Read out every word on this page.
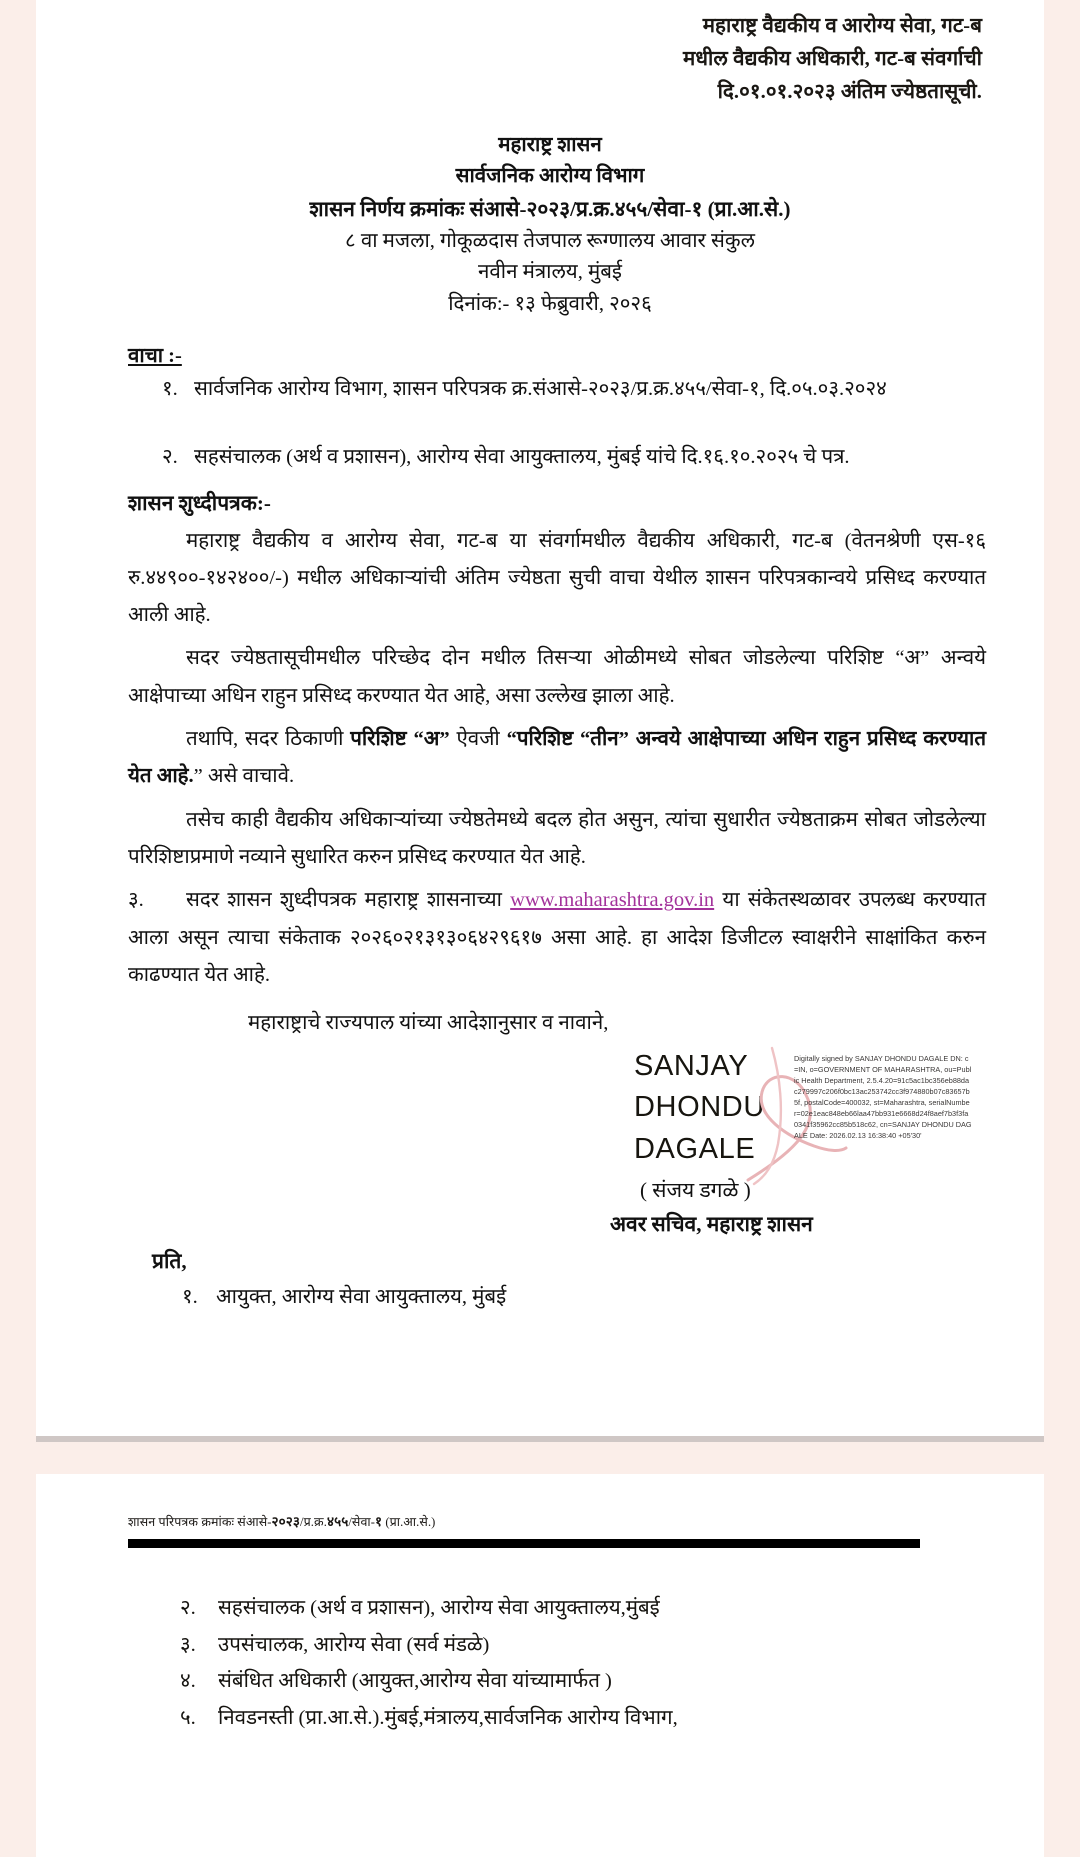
महाराष्ट्र वैद्यकीय व आरोग्य सेवा, गट-ब
मधील वैद्यकीय अधिकारी, गट-ब संवर्गाची
दि.०१.०१.२०२३ अंतिम ज्येष्ठतासूची.
महाराष्ट्र शासन
सार्वजनिक आरोग्य विभाग
शासन निर्णय क्रमांकः संआसे-२०२३/प्र.क्र.४५५/सेवा-१ (प्रा.आ.से.)
८ वा मजला, गोकूळदास तेजपाल रूग्णालय आवार संकुल
नवीन मंत्रालय, मुंबई
दिनांक:- १३ फेब्रुवारी, २०२६
वाचा :-
१. सार्वजनिक आरोग्य विभाग, शासन परिपत्रक क्र.संआसे-२०२३/प्र.क्र.४५५/सेवा-१, दि.०५.०३.२०२४
२. सहसंचालक (अर्थ व प्रशासन), आरोग्य सेवा आयुक्तालय, मुंबई यांचे दि.१६.१०.२०२५ चे पत्र.
शासन शुध्दीपत्रक:-

महाराष्ट्र वैद्यकीय व आरोग्य सेवा, गट-ब या संवर्गामधील वैद्यकीय अधिकारी, गट-ब (वेतनश्रेणी एस-१६ रु.४४९००-१४२४००/-) मधील अधिकाऱ्यांची अंतिम ज्येष्ठता सुची वाचा येथील शासन परिपत्रकान्वये प्रसिध्द करण्यात आली आहे.

सदर ज्येष्ठतासूचीमधील परिच्छेद दोन मधील तिसऱ्या ओळीमध्ये सोबत जोडलेल्या परिशिष्ट “अ” अन्वये आक्षेपाच्या अधिन राहुन प्रसिध्द करण्यात येत आहे, असा उल्लेख झाला आहे.

तथापि, सदर ठिकाणी परिशिष्ट “अ” ऐवजी “परिशिष्ट “तीन” अन्वये आक्षेपाच्या अधिन राहुन प्रसिध्द करण्यात येत आहे.” असे वाचावे.

तसेच काही वैद्यकीय अधिकाऱ्यांच्या ज्येष्ठतेमध्ये बदल होत असुन, त्यांचा सुधारीत ज्येष्ठताक्रम सोबत जोडलेल्या परिशिष्टाप्रमाणे नव्याने सुधारित करुन प्रसिध्द करण्यात येत आहे.

३. सदर शासन शुध्दीपत्रक महाराष्ट्र शासनाच्या www.maharashtra.gov.in या संकेतस्थळावर उपलब्ध करण्यात आला असून त्याचा संकेताक २०२६०२१३१३०६४२९६१७ असा आहे. हा आदेश डिजीटल स्वाक्षरीने साक्षांकित करुन काढण्यात येत आहे.
महाराष्ट्राचे राज्यपाल यांच्या आदेशानुसार व नावाने,
SANJAY
DHONDU
DAGALE
Digitally signed by SANJAY DHONDU DAGALE DN: c=IN, o=GOVERNMENT OF MAHARASHTRA, ou=Public Health Department, 2.5.4.20=91c5ac1bc356eb88dac279997c206f0bc13ac253742cc3f974880b07c83657b5f, postalCode=400032, st=Maharashtra, serialNumber=02e1eac848eb66laa47bb931e6668d24f8aef7b3f3fa0341f35962cc85b518c62, cn=SANJAY DHONDU DAGALE Date: 2026.02.13 16:38:40 +05'30'
( संजय डगळे )
अवर सचिव, महाराष्ट्र शासन
प्रति,
१. आयुक्त, आरोग्य सेवा आयुक्तालय, मुंबई
शासन परिपत्रक क्रमांकः संआसे-२०२३/प्र.क्र.४५५/सेवा-१ (प्रा.आ.से.)
२. सहसंचालक (अर्थ व प्रशासन), आरोग्य सेवा आयुक्तालय,मुंबई
३. उपसंचालक, आरोग्य सेवा (सर्व मंडळे)
४. संबंधित अधिकारी (आयुक्त,आरोग्य सेवा यांच्यामार्फत )
५. निवडनस्ती (प्रा.आ.से.).मुंबई,मंत्रालय,सार्वजनिक आरोग्य विभाग,
